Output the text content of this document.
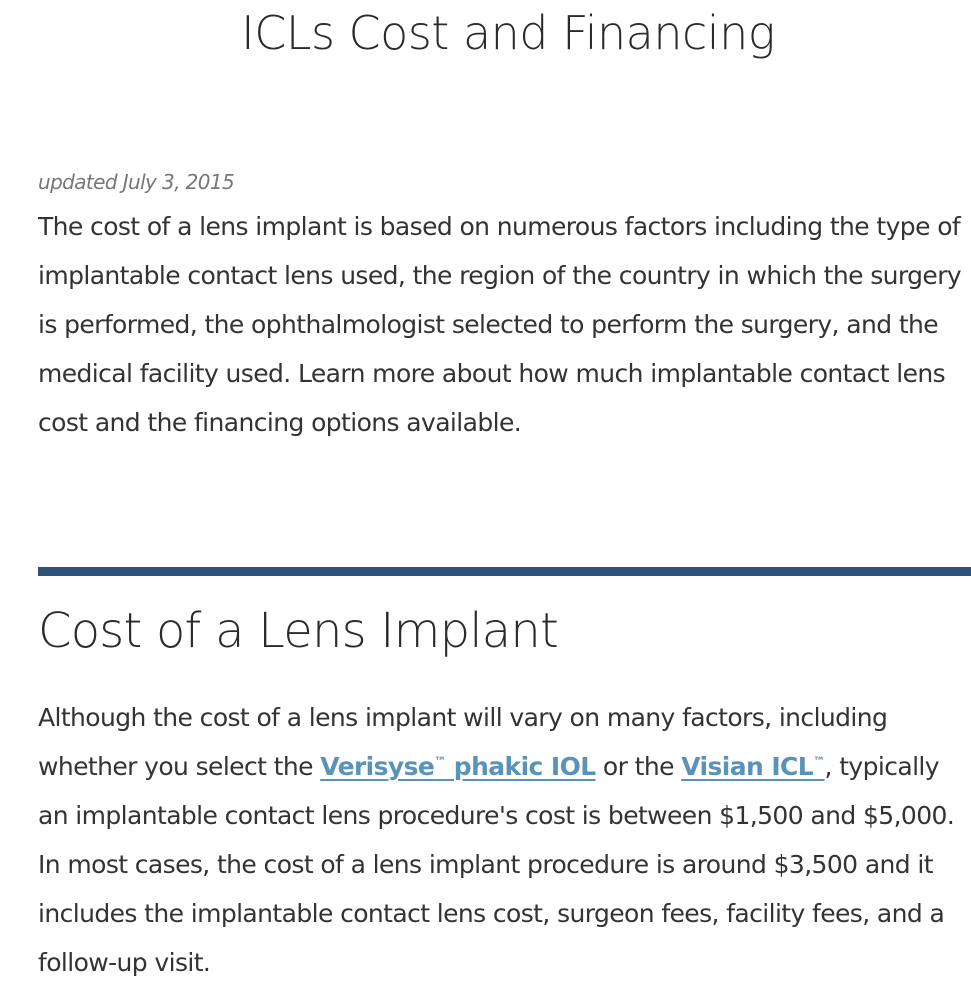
ICLs Cost and Financing
updated July 3, 2015

The cost of a lens implant is based on numerous factors including the type of implantable contact lens used, the region of the country in which the surgery is performed, the ophthalmologist selected to perform the surgery, and the medical facility used. Learn more about how much implantable contact lens cost and the financing options available.

Cost of a Lens Implant

Although the cost of a lens implant will vary on many factors, including whether you select the Verisyse™ phakic IOL or the Visian ICL™, typically an implantable contact lens procedure's cost is between $1,500 and $5,000. In most cases, the cost of a lens implant procedure is around $3,500 and it includes the implantable contact lens cost, surgeon fees, facility fees, and a follow-up visit.
